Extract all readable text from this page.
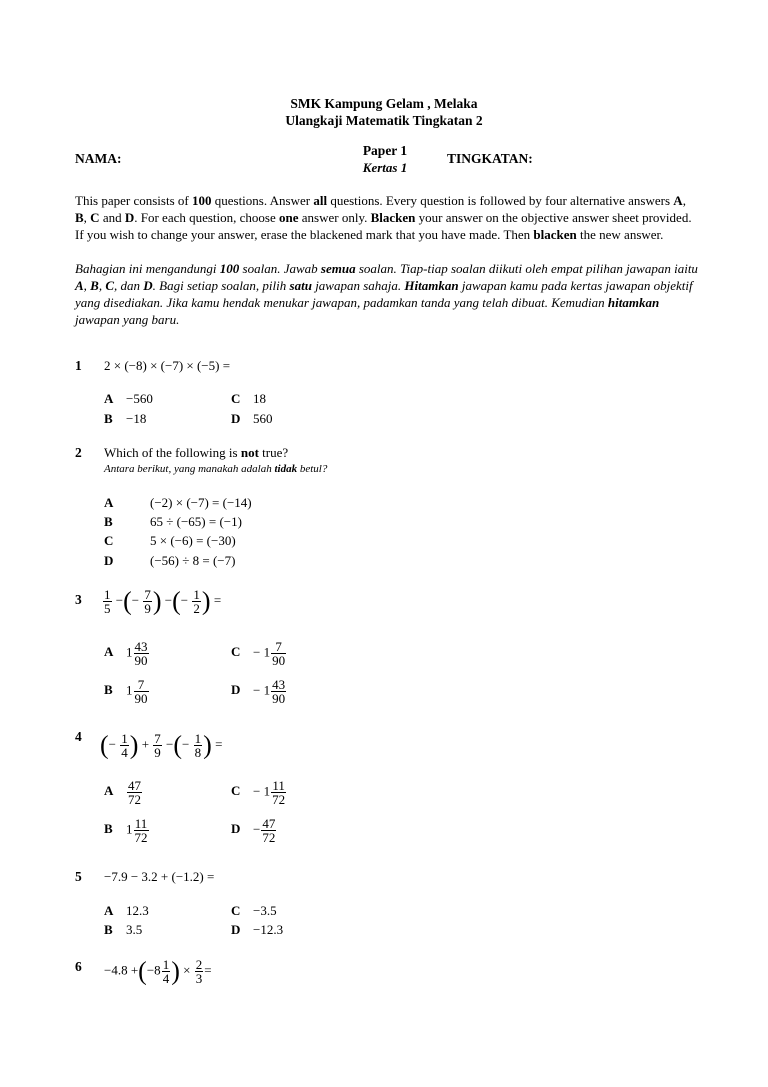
SMK Kampung Gelam , Melaka
Ulangkaji Matematik Tingkatan 2
Paper 1
Kertas 1
NAMA:	TINGKATAN:
This paper consists of 100 questions. Answer all questions. Every question is followed by four alternative answers A, B, C and D. For each question, choose one answer only. Blacken your answer on the objective answer sheet provided. If you wish to change your answer, erase the blackened mark that you have made. Then blacken the new answer.
Bahagian ini mengandungi 100 soalan. Jawab semua soalan. Tiap-tiap soalan diikuti oleh empat pilihan jawapan iaitu A, B, C, dan D. Bagi setiap soalan, pilih satu jawapan sahaja. Hitamkan jawapan kamu pada kertas jawapan objektif yang disediakan. Jika kamu hendak menukar jawapan, padamkan tanda yang telah dibuat. Kemudian hitamkan jawapan yang baru.
1 2 × (−8) × (−7) × (−5) =
A −560
B −18
C 18
D 560
2 Which of the following is not true?
Antara berikut, yang manakah adalah tidak betul?
A	(−2) × (−7) = (−14)
B	65 ÷ (−65) = (−1)
C	5 × (−6) = (−30)
D	(−56) ÷ 8 = (−7)
$3 \frac{1}{5}$ −(− $\frac{7}{9}$ ) −(− $\frac{1}{2}$ ) =
A $1 \frac{43}{90}$
B $1 \frac{7}{90}$
$C - 1 \frac{7}{90}$
$D - 1 \frac{43}{90}$
4 (− $\frac{1}{4}$ ) + $\frac{7}{9}$ −(− $\frac{1}{8}$ ) =
A $\frac{47}{72}$
B $1 \frac{11}{72}$
$C - 1 \frac{11}{72}$
$D - \frac{47}{72}$
5 −7.9 − 3.2 + (−1.2) =
A 12.3
B 3.5
C −3.5
D −12.3
$6 -4.8 +(-8 \frac{1}{4}$ ) × $\frac{2}{3}$ =
